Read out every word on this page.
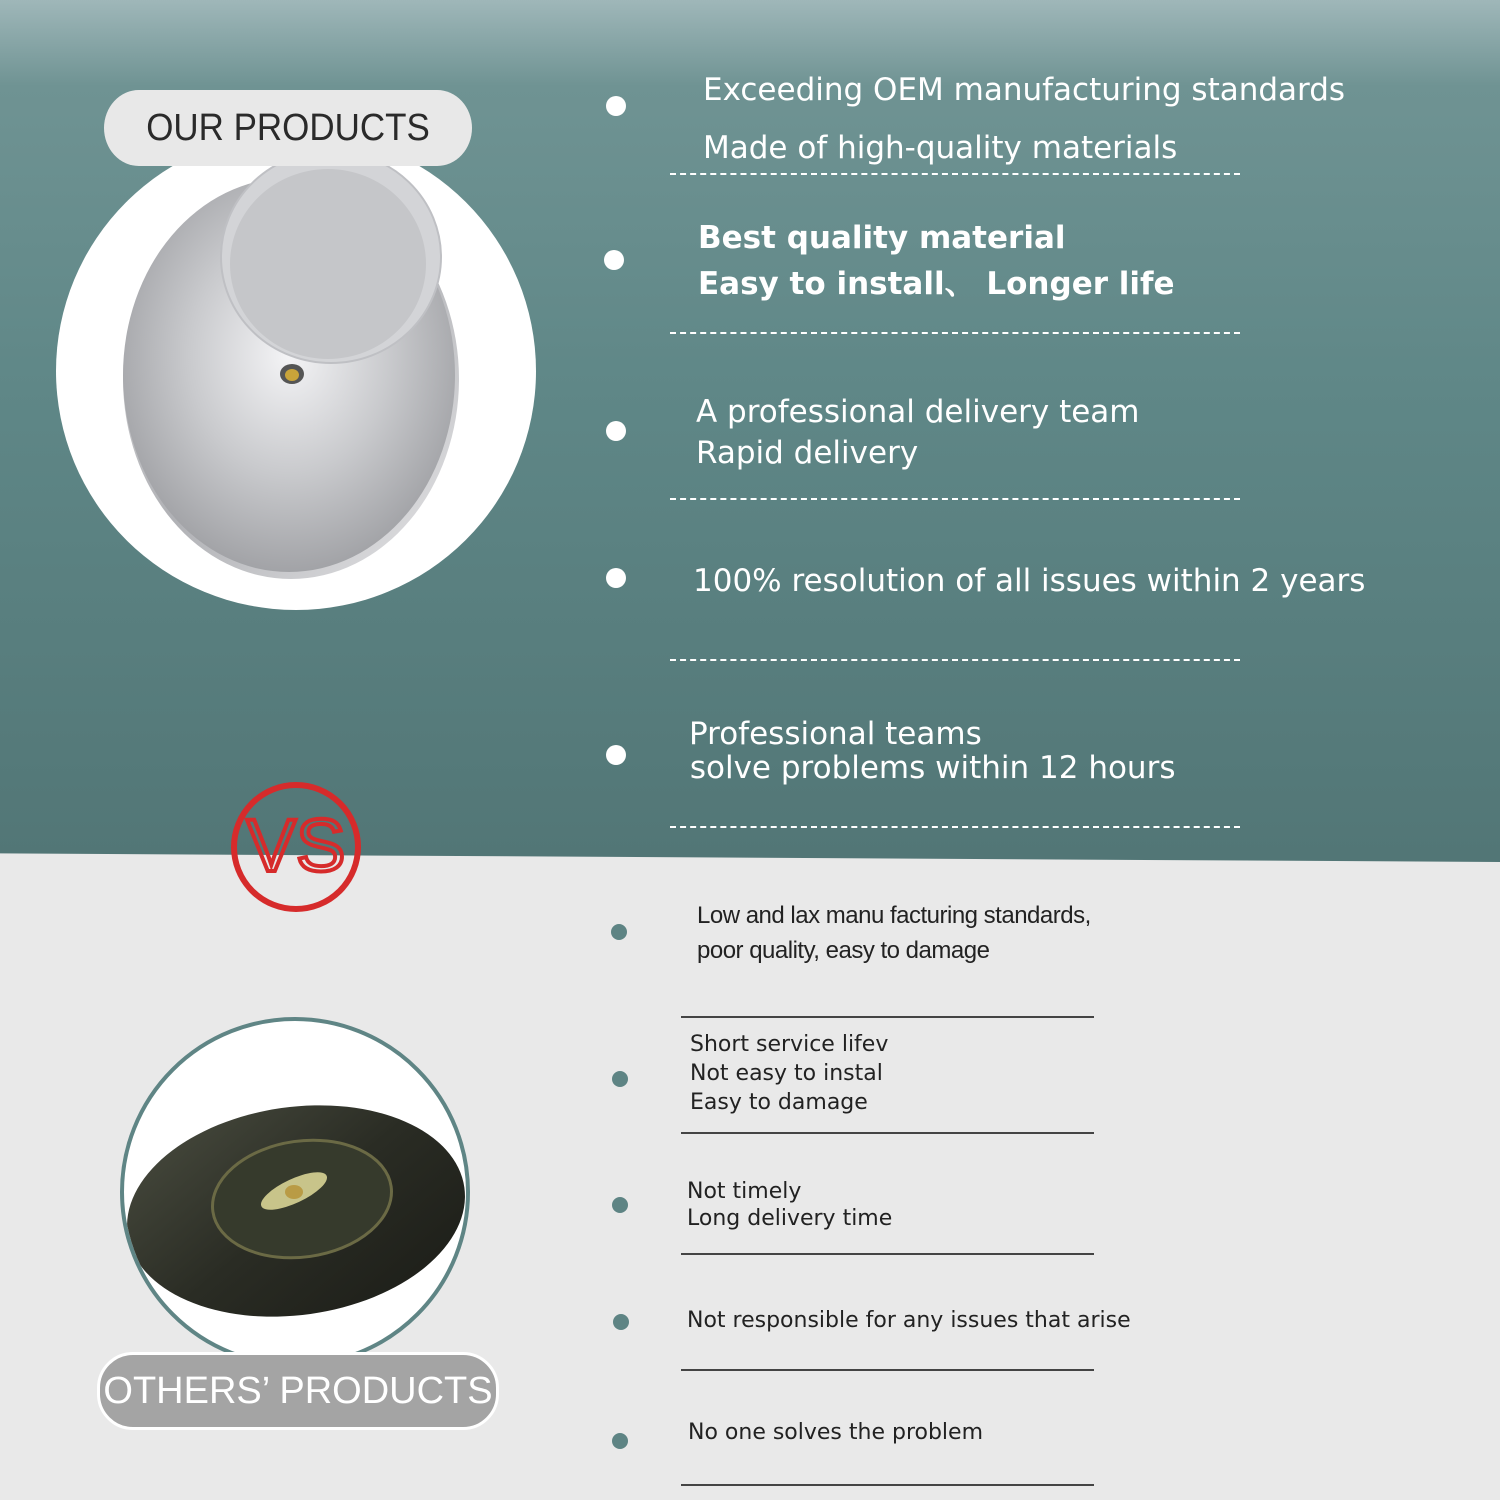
OUR PRODUCTS
VS
OTHERS’ PRODUCTS
Exceeding OEM manufacturing standards
Made of high-quality materials
Best quality material
Easy to install、 Longer life
A professional delivery team
Rapid delivery
100% resolution of all issues within 2 years
Professional teams
solve problems within 12 hours
Low and lax manu facturing standards,
poor quality, easy to damage
Short service lifev
Not easy to instal
Easy to damage
Not timely
Long delivery time
Not responsible for any issues that arise
No one solves the problem
